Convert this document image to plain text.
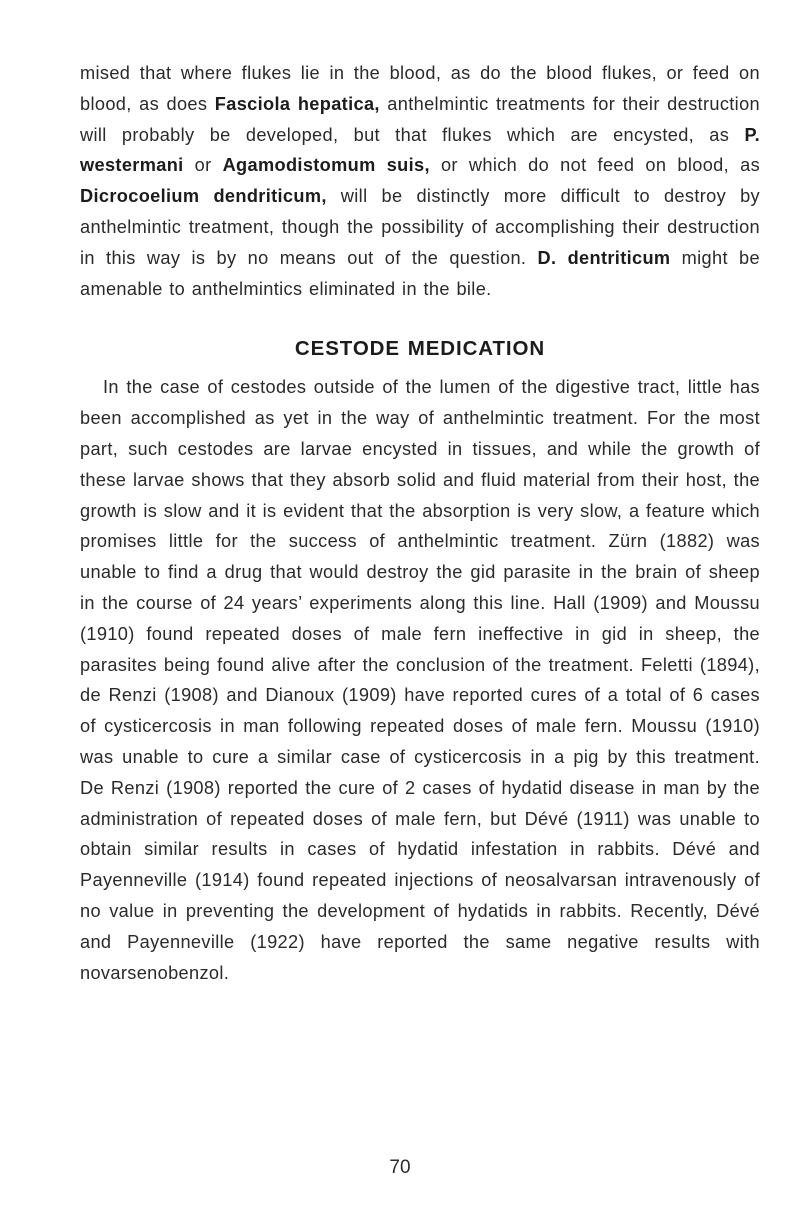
mised that where flukes lie in the blood, as do the blood flukes, or feed on blood, as does Fasciola hepatica, anthelmintic treatments for their destruction will probably be developed, but that flukes which are encysted, as P. westermani or Agamodistomum suis, or which do not feed on blood, as Dicrocoelium dendriticum, will be distinctly more difficult to destroy by anthelmintic treatment, though the possibility of accomplishing their destruction in this way is by no means out of the question. D. dentriticum might be amenable to anthelmintics eliminated in the bile.

CESTODE MEDICATION

In the case of cestodes outside of the lumen of the digestive tract, little has been accomplished as yet in the way of anthelmintic treatment. For the most part, such cestodes are larvae encysted in tissues, and while the growth of these larvae shows that they absorb solid and fluid material from their host, the growth is slow and it is evident that the absorption is very slow, a feature which promises little for the success of anthelmintic treatment. Zürn (1882) was unable to find a drug that would destroy the gid parasite in the brain of sheep in the course of 24 years’ experiments along this line. Hall (1909) and Moussu (1910) found repeated doses of male fern ineffective in gid in sheep, the parasites being found alive after the conclusion of the treatment. Feletti (1894), de Renzi (1908) and Dianoux (1909) have reported cures of a total of 6 cases of cysticercosis in man following repeated doses of male fern. Moussu (1910) was unable to cure a similar case of cysticercosis in a pig by this treatment. De Renzi (1908) reported the cure of 2 cases of hydatid disease in man by the administration of repeated doses of male fern, but Dévé (1911) was unable to obtain similar results in cases of hydatid infestation in rabbits. Dévé and Payenneville (1914) found repeated injections of neosalvarsan intravenously of no value in preventing the development of hydatids in rabbits. Recently, Dévé and Payenneville (1922) have reported the same negative results with novarsenobenzol.

70
